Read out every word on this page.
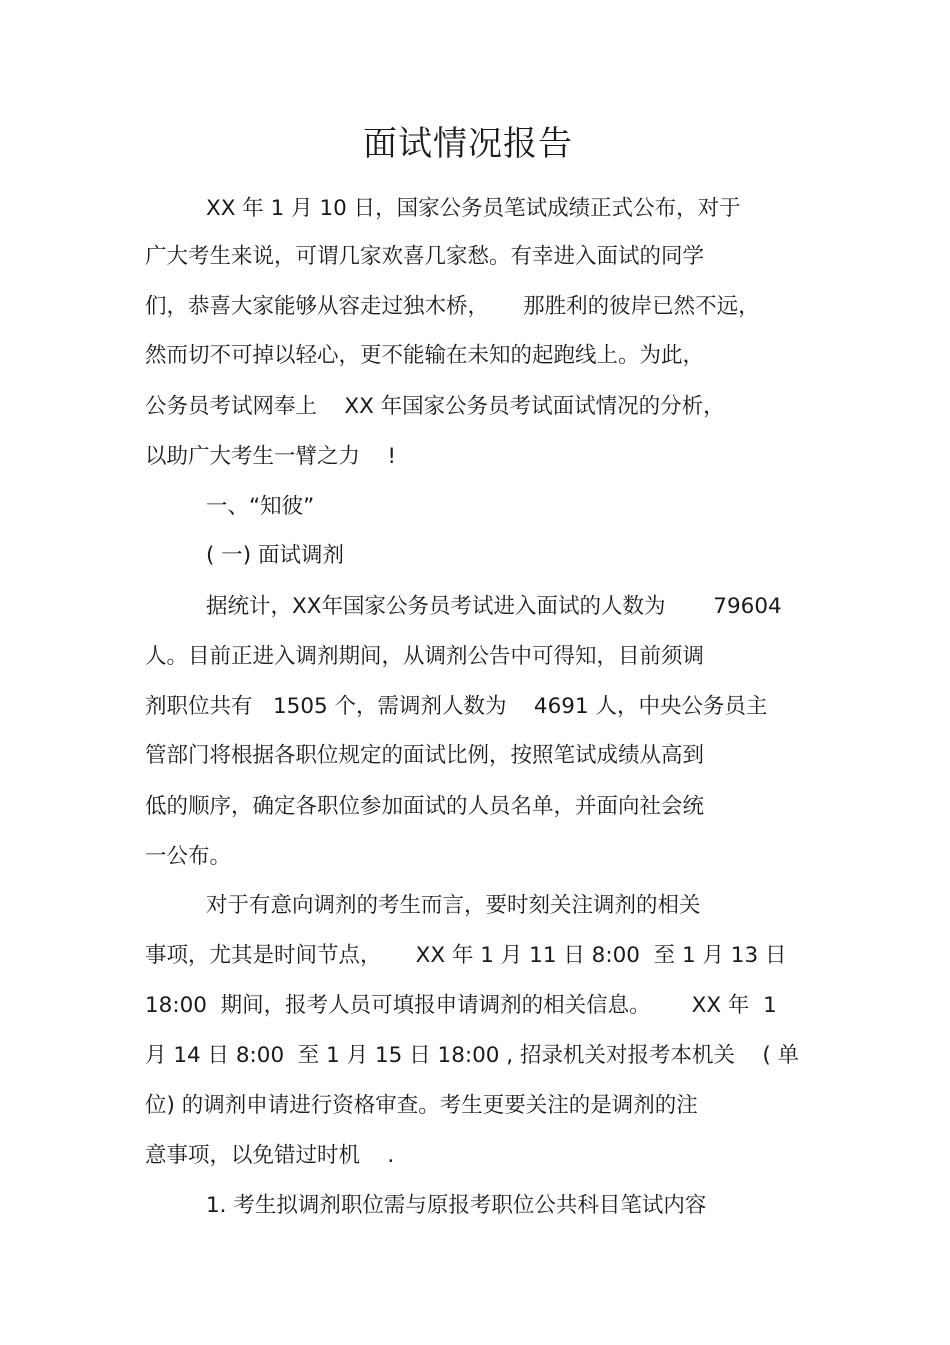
面试情况报告
XX 年 1 月 10 日，国家公务员笔试成绩正式公布，对于
广大考生来说，可谓几家欢喜几家愁。有幸进入面试的同学
们，恭喜大家能够从容走过独木桥，     那胜利的彼岸已然不远，
然而切不可掉以轻心，更不能输在未知的起跑线上。为此，
公务员考试网奉上    XX 年国家公务员考试面试情况的分析，
以助广大考生一臂之力    !
一、“知彼”
( 一) 面试调剂
据统计，XX年国家公务员考试进入面试的人数为       79604
人。目前正进入调剂期间，从调剂公告中可得知，目前须调
剂职位共有   1505 个，需调剂人数为    4691 人，中央公务员主
管部门将根据各职位规定的面试比例，按照笔试成绩从高到
低的顺序，确定各职位参加面试的人员名单，并面向社会统
一公布。
对于有意向调剂的考生而言，要时刻关注调剂的相关
事项，尤其是时间节点，     XX 年 1 月 11 日 8:00  至 1 月 13 日
18:00  期间，报考人员可填报申请调剂的相关信息。      XX 年  1
月 14 日 8:00  至 1 月 15 日 18:00 , 招录机关对报考本机关    ( 单
位) 的调剂申请进行资格审查。考生更要关注的是调剂的注
意事项，以免错过时机    .
1. 考生拟调剂职位需与原报考职位公共科目笔试内容
